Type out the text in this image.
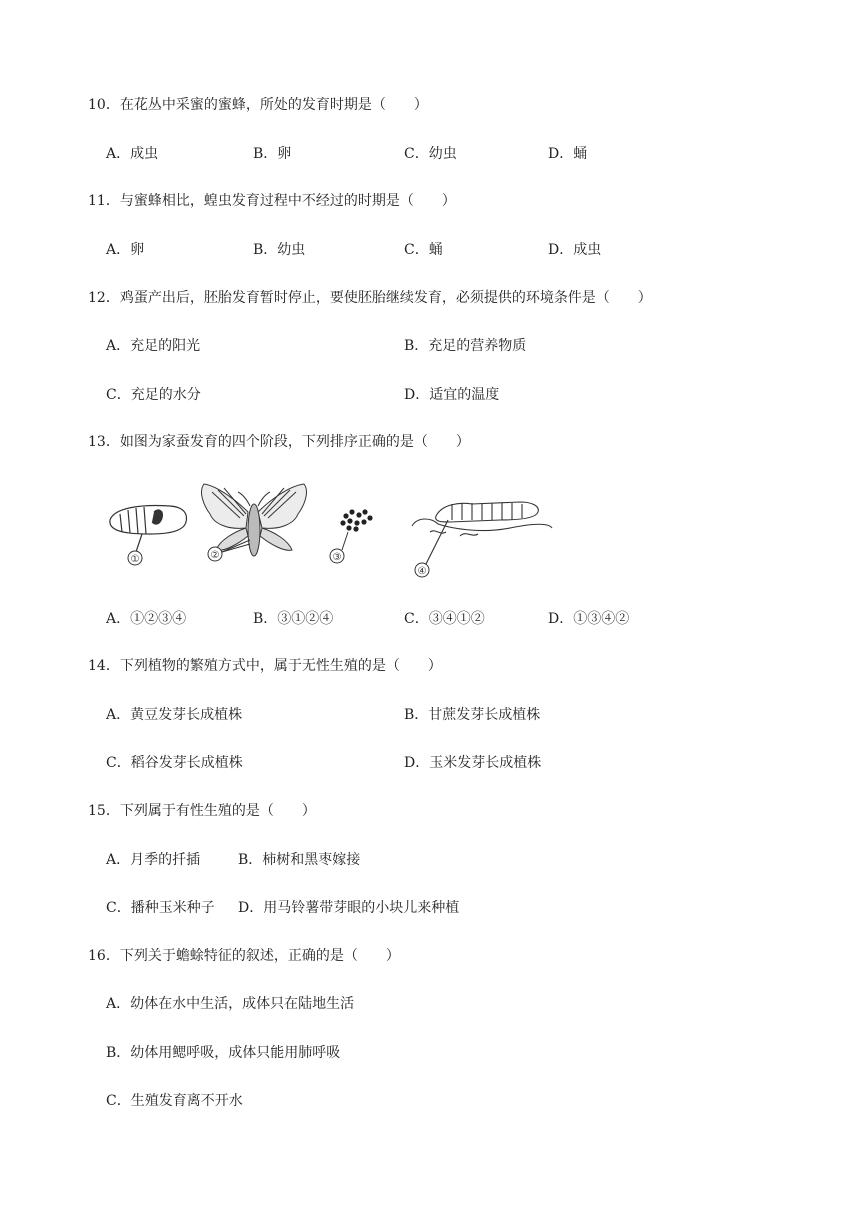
10．在花丛中采蜜的蜜蜂，所处的发育时期是（　　）
A．成虫	B．卵	C．幼虫	D．蛹
11．与蜜蜂相比，蝗虫发育过程中不经过的时期是（　　）
A．卵	B．幼虫	C．蛹	D．成虫
12．鸡蛋产出后，胚胎发育暂时停止，要使胚胎继续发育，必须提供的环境条件是（　　）
A．充足的阳光	B．充足的营养物质
C．充足的水分	D．适宜的温度
13．如图为家蚕发育的四个阶段，下列排序正确的是（　　）
①	②	③
④
A．①②③④	B．③①②④	C．③④①②	D．①③④②
14．下列植物的繁殖方式中，属于无性生殖的是（　　）
A．黄豆发芽长成植株	B．甘蔗发芽长成植株
C．稻谷发芽长成植株	D．玉米发芽长成植株
15．下列属于有性生殖的是（　　）
A．月季的扦插	B．柿树和黑枣嫁接
C．播种玉米种子 D．用马铃薯带芽眼的小块儿来种植
16．下列关于蟾蜍特征的叙述，正确的是（　　）
A．幼体在水中生活，成体只在陆地生活
B．幼体用鳃呼吸，成体只能用肺呼吸
C．生殖发育离不开水
